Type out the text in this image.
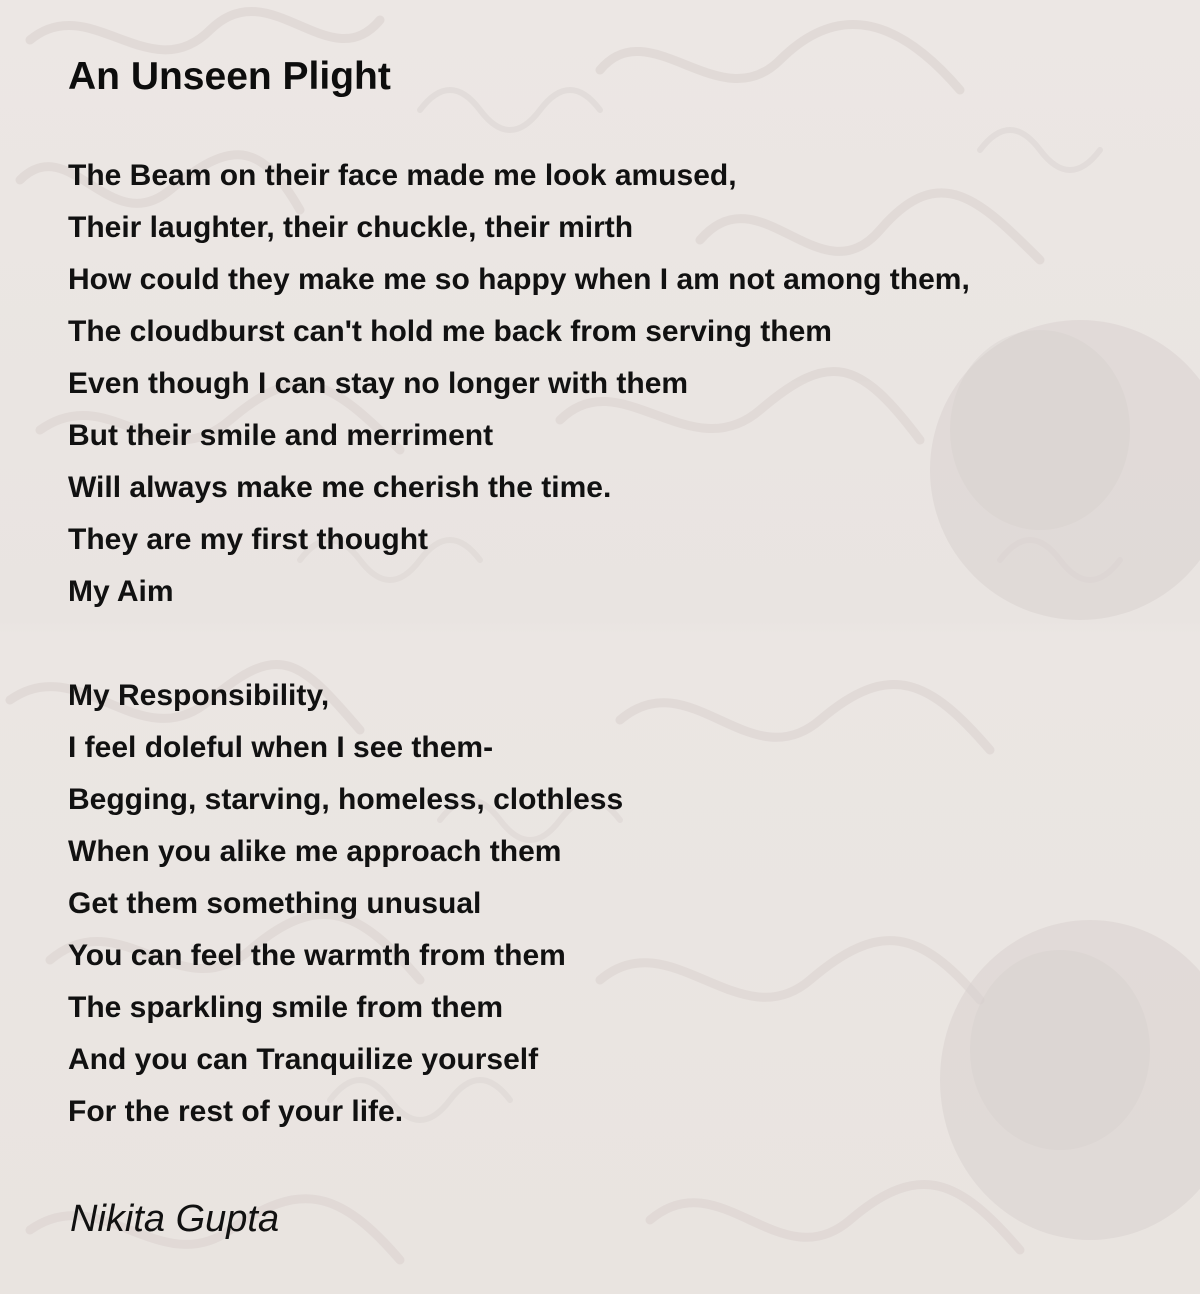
An Unseen Plight
The Beam on their face made me look amused,
Their laughter, their chuckle, their mirth
How could they make me so happy when I am not among them,
The cloudburst can't hold me back from serving them
Even though I can stay no longer with them
But their smile and merriment
Will always make me cherish the time.
They are my first thought
My Aim
My Responsibility,
I feel doleful when I see them-
Begging, starving, homeless, clothless
When you alike me approach them
Get them something unusual
You can feel the warmth from them
The sparkling smile from them
And you can Tranquilize yourself
For the rest of your life.

Nikita Gupta
